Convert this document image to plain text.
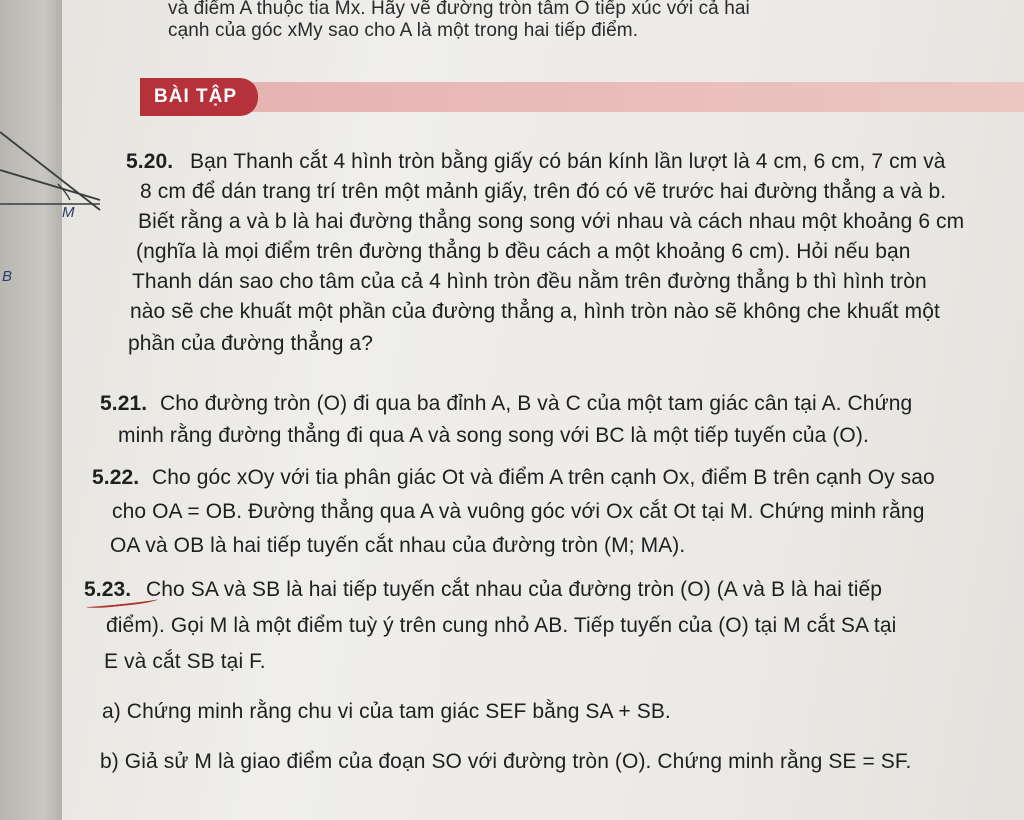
M
B
và điểm A thuộc tia Mx. Hãy vẽ đường tròn tâm O tiếp xúc với cả hai
cạnh của góc xMy sao cho A là một trong hai tiếp điểm.
BÀI TẬP
5.20. Bạn Thanh cắt 4 hình tròn bằng giấy có bán kính lần lượt là 4 cm, 6 cm, 7 cm và
8 cm để dán trang trí trên một mảnh giấy, trên đó có vẽ trước hai đường thẳng a và b.
Biết rằng a và b là hai đường thẳng song song với nhau và cách nhau một khoảng 6 cm
(nghĩa là mọi điểm trên đường thẳng b đều cách a một khoảng 6 cm). Hỏi nếu bạn
Thanh dán sao cho tâm của cả 4 hình tròn đều nằm trên đường thẳng b thì hình tròn
nào sẽ che khuất một phần của đường thẳng a, hình tròn nào sẽ không che khuất một
phần của đường thẳng a?
5.21. Cho đường tròn (O) đi qua ba đỉnh A, B và C của một tam giác cân tại A. Chứng
minh rằng đường thẳng đi qua A và song song với BC là một tiếp tuyến của (O).
5.22. Cho góc xOy với tia phân giác Ot và điểm A trên cạnh Ox, điểm B trên cạnh Oy sao
cho OA = OB. Đường thẳng qua A và vuông góc với Ox cắt Ot tại M. Chứng minh rằng
OA và OB là hai tiếp tuyến cắt nhau của đường tròn (M; MA).
5.23. Cho SA và SB là hai tiếp tuyến cắt nhau của đường tròn (O) (A và B là hai tiếp
điểm). Gọi M là một điểm tuỳ ý trên cung nhỏ AB. Tiếp tuyến của (O) tại M cắt SA tại
E và cắt SB tại F.
a) Chứng minh rằng chu vi của tam giác SEF bằng SA + SB.
b) Giả sử M là giao điểm của đoạn SO với đường tròn (O). Chứng minh rằng SE = SF.
